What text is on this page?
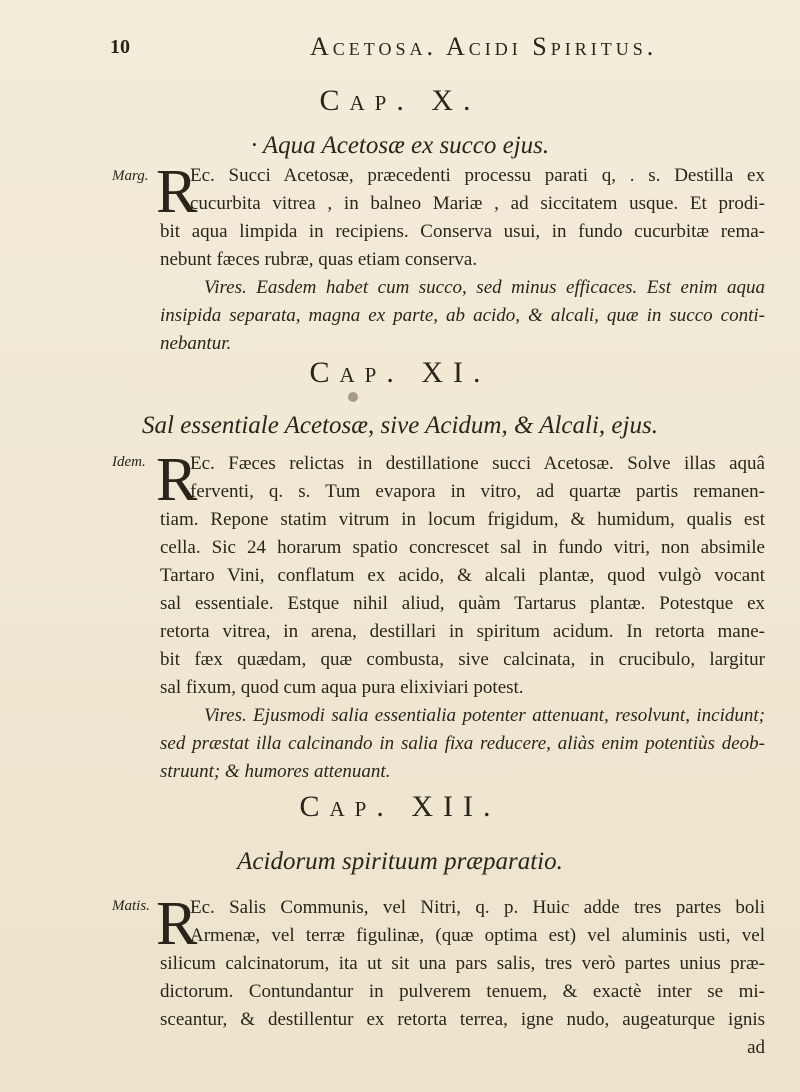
10	Acetosa. Acidi Spiritus.
Cap. X.
· Aqua Acetosæ ex succo ejus.
Marg. R
Ec. Succi Acetosæ, præcedenti processu parati q, . s. Destilla ex
cucurbita vitrea , in balneo Mariæ , ad siccitatem usque. Et prodi-
bit aqua limpida in recipiens. Conserva usui, in fundo cucurbitæ rema-
nebunt fæces rubræ, quas etiam conserva.
Vires. Easdem habet cum succo, sed minus efficaces. Est enim aqua
insipida separata, magna ex parte, ab acido, & alcali, quæ in succo conti-
nebantur.
Cap. XI.
Sal essentiale Acetosæ, sive Acidum, & Alcali, ejus.
Idem. R
Ec. Fæces relictas in destillatione succi Acetosæ. Solve illas aquâ
ferventi, q. s. Tum evapora in vitro, ad quartæ partis remanen-
tiam. Repone statim vitrum in locum frigidum, & humidum, qualis est
cella. Sic 24 horarum spatio concrescet sal in fundo vitri, non absimile
Tartaro Vini, conflatum ex acido, & alcali plantæ, quod vulgò vocant
sal essentiale. Estque nihil aliud, quàm Tartarus plantæ. Potestque ex
retorta vitrea, in arena, destillari in spiritum acidum. In retorta mane-
bit fæx quædam, quæ combusta, sive calcinata, in crucibulo, largitur
sal fixum, quod cum aqua pura elixiviari potest.
Vires. Ejusmodi salia essentialia potenter attenuant, resolvunt, incidunt;
sed præstat illa calcinando in salia fixa reducere, aliàs enim potentiùs deob-
struunt; & humores attenuant.
Cap. XII.
Acidorum spirituum præparatio.
Matis. R
Ec. Salis Communis, vel Nitri, q. p. Huic adde tres partes boli
Armenæ, vel terræ figulinæ, (quæ optima est) vel aluminis usti, vel
silicum calcinatorum, ita ut sit una pars salis, tres verò partes unius præ-
dictorum. Contundantur in pulverem tenuem, & exactè inter se mi-
sceantur, & destillentur ex retorta terrea, igne nudo, augeaturque ignis
ad
